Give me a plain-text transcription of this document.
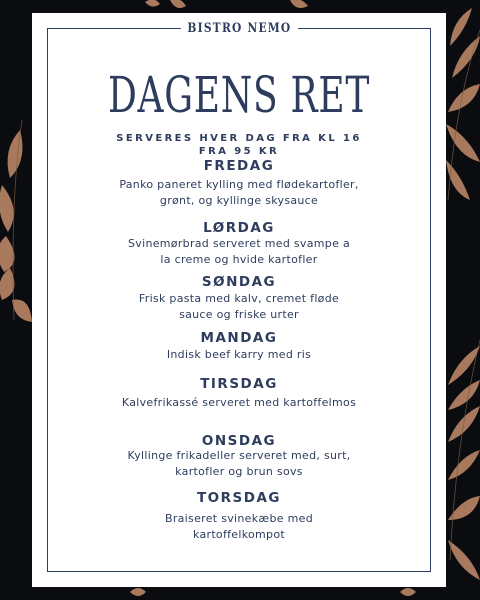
BISTRO NEMO
DAGENS RET
SERVERES HVER DAG FRA KL 16
FRA 95 KR
FREDAG
Panko paneret kylling med flødekartofler,
grønt, og kyllinge skysauce
LØRDAG
Svinemørbrad serveret med svampe a
la creme og hvide kartofler
SØNDAG
Frisk pasta med kalv, cremet fløde
sauce og friske urter
MANDAG
Indisk beef karry med ris
TIRSDAG
Kalvefrikassé serveret med kartoffelmos
ONSDAG
Kyllinge frikadeller serveret med, surt,
kartofler og brun sovs
TORSDAG
Braiseret svinekæbe med
kartoffelkompot
